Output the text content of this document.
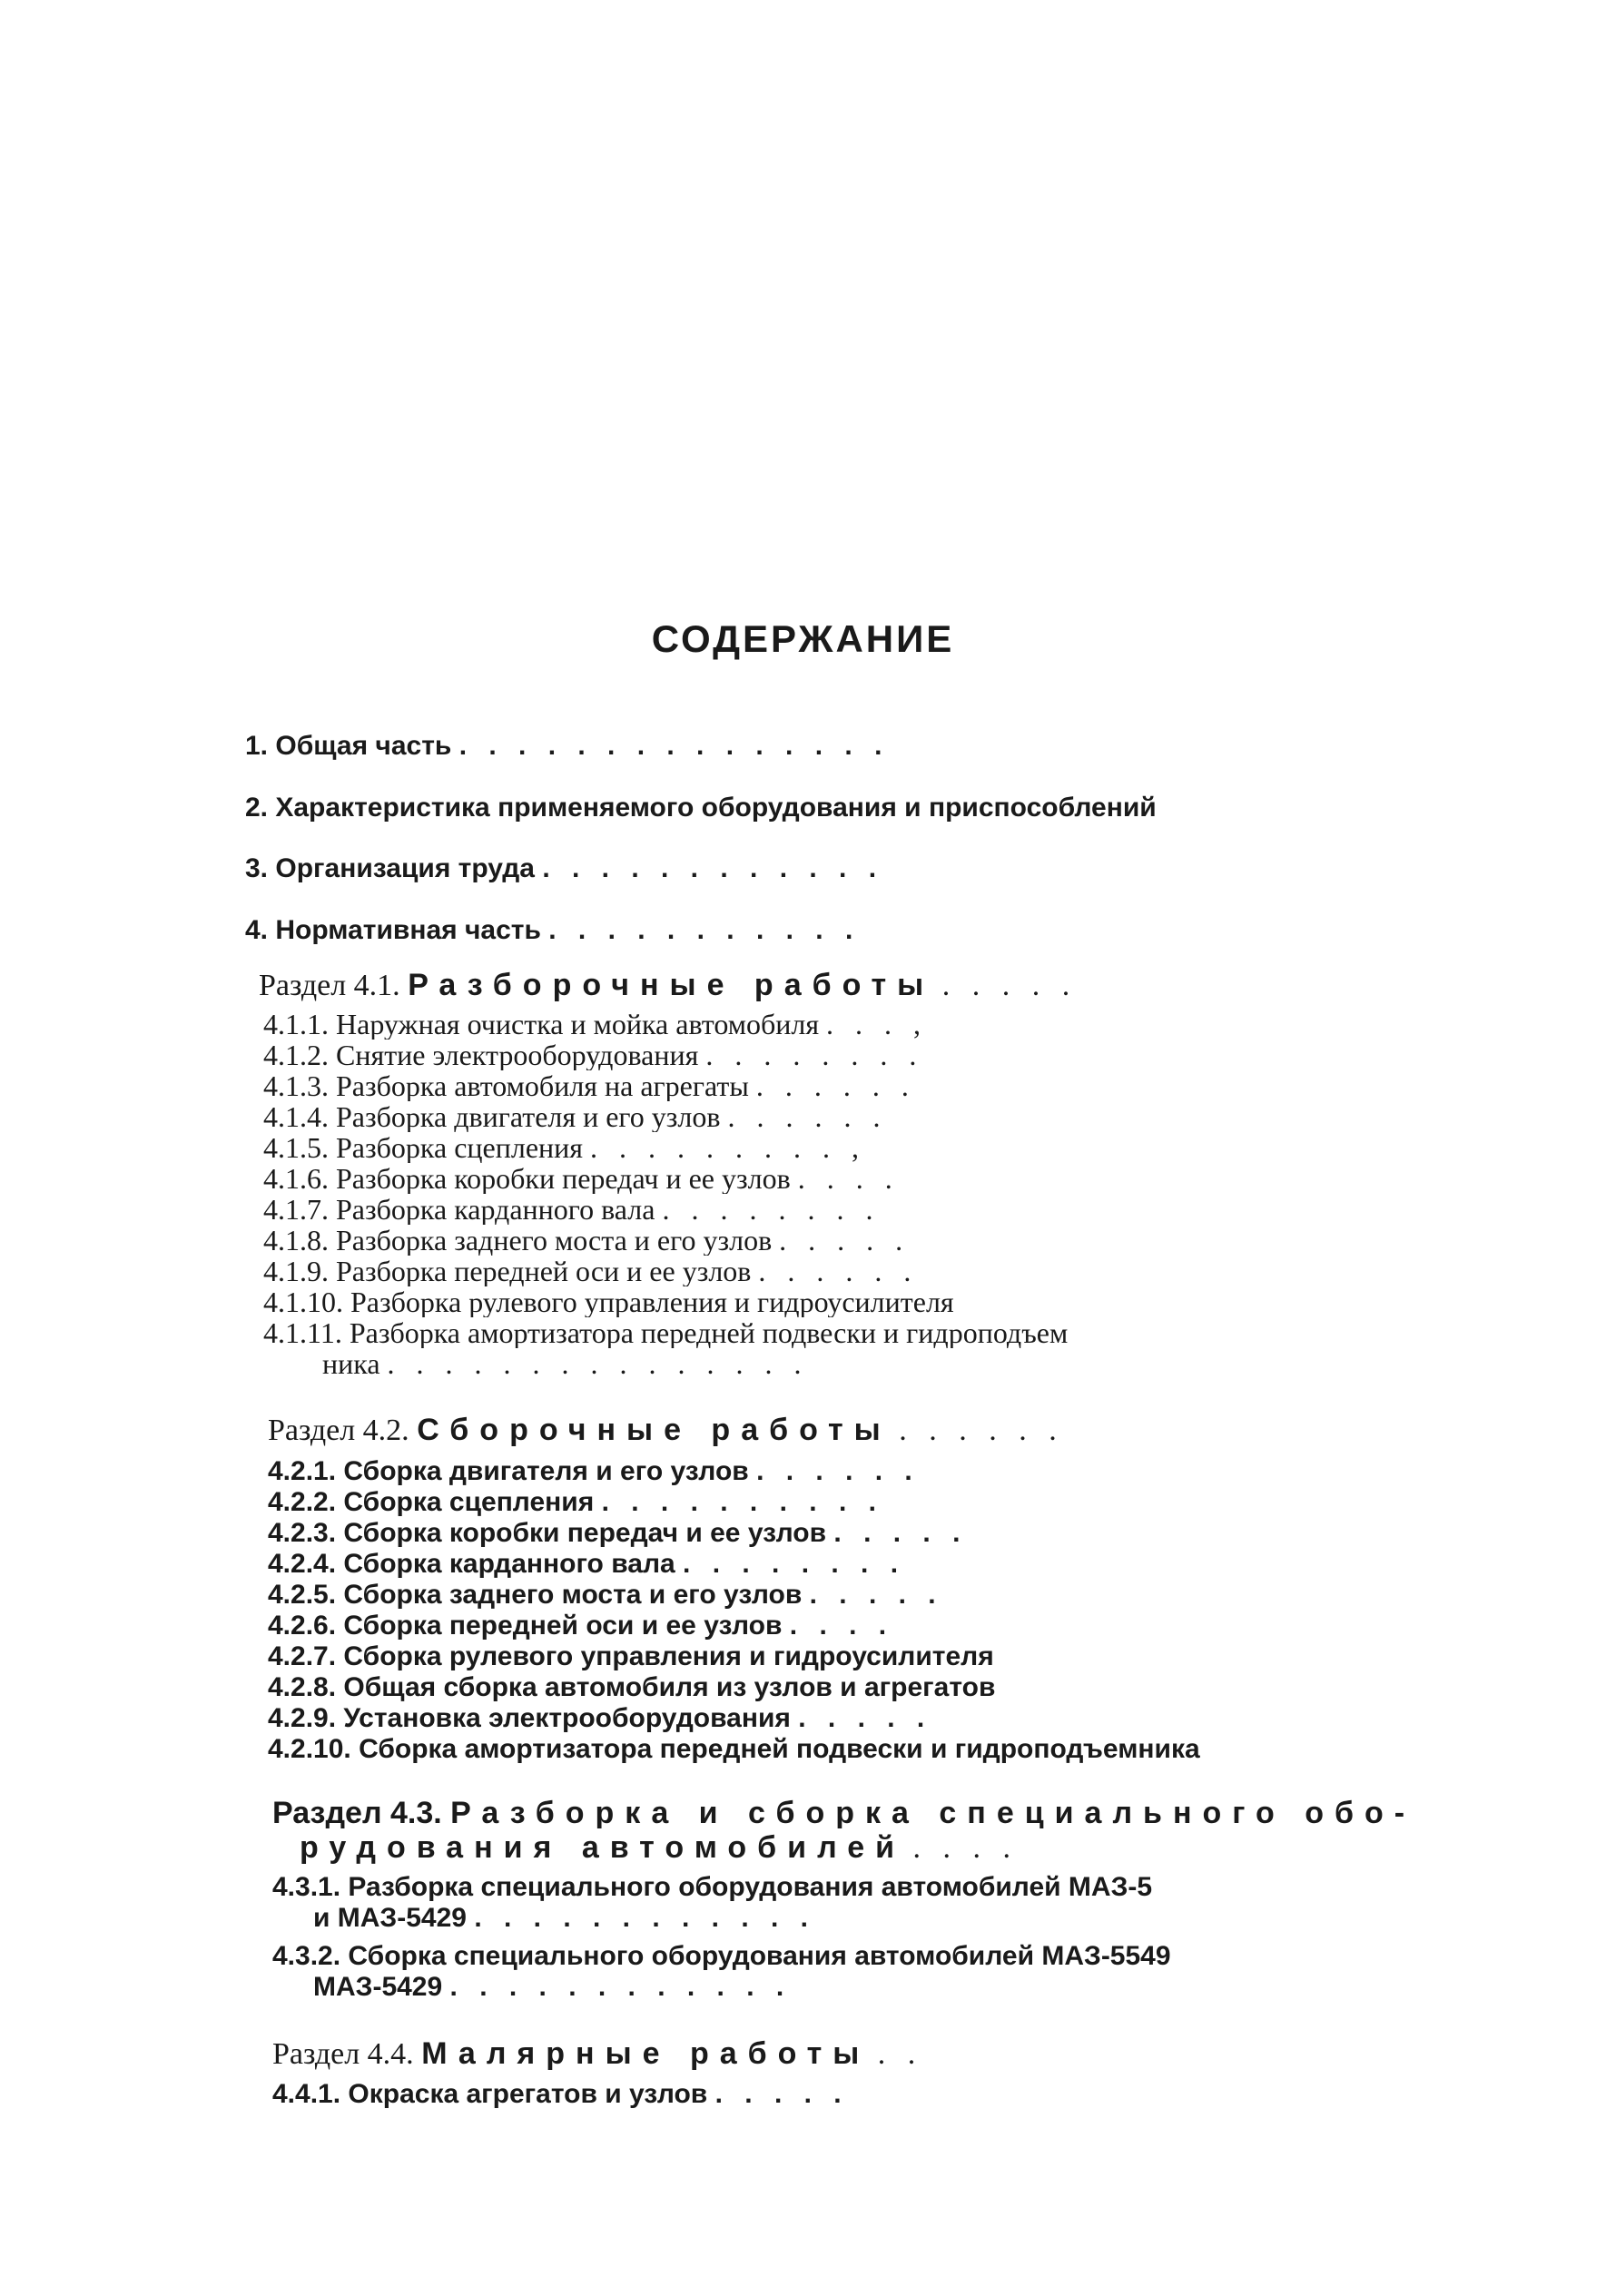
СОДЕРЖАНИЕ
1. Общая часть . . . . . . . . . . . . . . .
2. Характеристика применяемого оборудования и приспособлений
3. Организация труда . . . . . . . . . . . .
4. Нормативная часть . . . . . . . . . . .
Раздел 4.1. Разборочные работы . . . . .
4.1.1. Наружная очистка и мойка автомобиля . . . ,
4.1.2. Снятие электрооборудования . . . . . . . .
4.1.3. Разборка автомобиля на агрегаты . . . . . .
4.1.4. Разборка двигателя и его узлов . . . . . .
4.1.5. Разборка сцепления . . . . . . . . . ,
4.1.6. Разборка коробки передач и ее узлов . . . .
4.1.7. Разборка карданного вала . . . . . . . .
4.1.8. Разборка заднего моста и его узлов . . . . .
4.1.9. Разборка передней оси и ее узлов . . . . . .
4.1.10. Разборка рулевого управления и гидроусилителя
4.1.11. Разборка амортизатора передней подвески и гидроподъем
ника . . . . . . . . . . . . . . .
Раздел 4.2. Сборочные работы . . . . . .
4.2.1. Сборка двигателя и его узлов . . . . . .
4.2.2. Сборка сцепления . . . . . . . . . .
4.2.3. Сборка коробки передач и ее узлов . . . . .
4.2.4. Сборка карданного вала . . . . . . . .
4.2.5. Сборка заднего моста и его узлов . . . . .
4.2.6. Сборка передней оси и ее узлов . . . .
4.2.7. Сборка рулевого управления и гидроусилителя
4.2.8. Общая сборка автомобиля из узлов и агрегатов
4.2.9. Установка электрооборудования . . . . .
4.2.10. Сборка амортизатора передней подвески и гидроподъемника
Раздел 4.3. Разборка и сборка специального обо-
рудования автомобилей . . . .
4.3.1. Разборка специального оборудования автомобилей МАЗ-5
и МАЗ-5429 . . . . . . . . . . . .
4.3.2. Сборка специального оборудования автомобилей МАЗ-5549
МАЗ-5429 . . . . . . . . . . . .
Раздел 4.4. Малярные работы . .
4.4.1. Окраска агрегатов и узлов . . . . .
